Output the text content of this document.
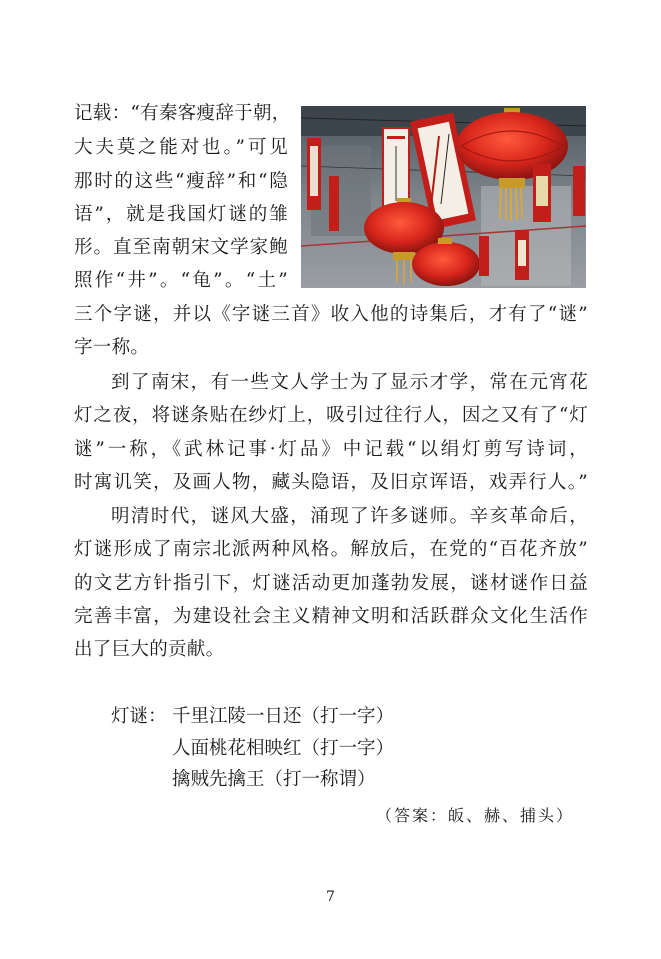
记载：“有秦客瘦辞于朝，
大夫莫之能对也。”可见
那时的这些“瘦辞”和“隐
语”，就是我国灯谜的雏
形。直至南朝宋文学家鲍
照作“井”。“龟”。“土”
三个字谜，并以《字谜三首》收入他的诗集后，才有了“谜”
字一称。
到了南宋，有一些文人学士为了显示才学，常在元宵花
灯之夜，将谜条贴在纱灯上，吸引过往行人，因之又有了“灯
谜”一称，《武林记事·灯品》中记载“以绢灯剪写诗词，
时寓讥笑，及画人物，藏头隐语，及旧京诨语，戏弄行人。”
明清时代，谜风大盛，涌现了许多谜师。辛亥革命后，
灯谜形成了南宗北派两种风格。解放后，在党的“百花齐放”
的文艺方针指引下，灯谜活动更加蓬勃发展，谜材谜作日益
完善丰富，为建设社会主义精神文明和活跃群众文化生活作
出了巨大的贡献。
灯谜： 千里江陵一日还（打一字）
人面桃花相映红（打一字）
擒贼先擒王（打一称谓）
（答案：皈、赫、捕头）
7
